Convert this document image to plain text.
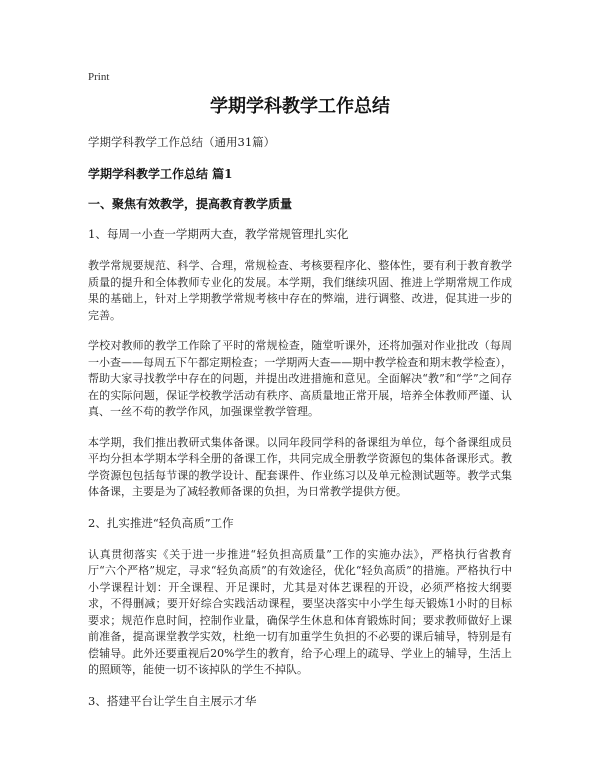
Print
学期学科教学工作总结
学期学科教学工作总结（通用31篇）
学期学科教学工作总结 篇1
一、聚焦有效教学，提高教育教学质量
1、每周一小查一学期两大查，教学常规管理扎实化

教学常规要规范、科学、合理，常规检查、考核要程序化、整体性，要有利于教育教学质量的提升和全体教师专业化的发展。本学期，我们继续巩固、推进上学期常规工作成果的基础上，针对上学期教学常规考核中存在的弊端，进行调整、改进，促其进一步的完善。

学校对教师的教学工作除了平时的常规检查，随堂听课外，还将加强对作业批改（每周一小查——每周五下午都定期检查；一学期两大查——期中教学检查和期末教学检查），帮助大家寻找教学中存在的问题，并提出改进措施和意见。全面解决“教”和“学”之间存在的实际问题，保证学校教学活动有秩序、高质量地正常开展，培养全体教师严谨、认真、一丝不苟的教学作风，加强课堂教学管理。

本学期，我们推出教研式集体备课。以同年段同学科的备课组为单位，每个备课组成员平均分担本学期本学科全册的备课工作，共同完成全册教学资源包的集体备课形式。教学资源包包括每节课的教学设计、配套课件、作业练习以及单元检测试题等。教学式集体备课，主要是为了减轻教师备课的负担，为日常教学提供方便。

2、扎实推进“轻负高质”工作

认真贯彻落实《关于进一步推进“轻负担高质量”工作的实施办法》，严格执行省教育厅“六个严格”规定，寻求“轻负高质”的有效途径，优化“轻负高质”的措施。严格执行中小学课程计划：开全课程、开足课时，尤其是对体艺课程的开设，必须严格按大纲要求，不得删减；要开好综合实践活动课程，要坚决落实中小学生每天锻炼1小时的目标要求；规范作息时间，控制作业量，确保学生休息和体育锻炼时间；要求教师做好上课前准备，提高课堂教学实效，杜绝一切有加重学生负担的不必要的课后辅导，特别是有偿辅导。此外还要重视后20%学生的教育，给予心理上的疏导、学业上的辅导，生活上的照顾等，能使一切不该掉队的学生不掉队。

3、搭建平台让学生自主展示才华
